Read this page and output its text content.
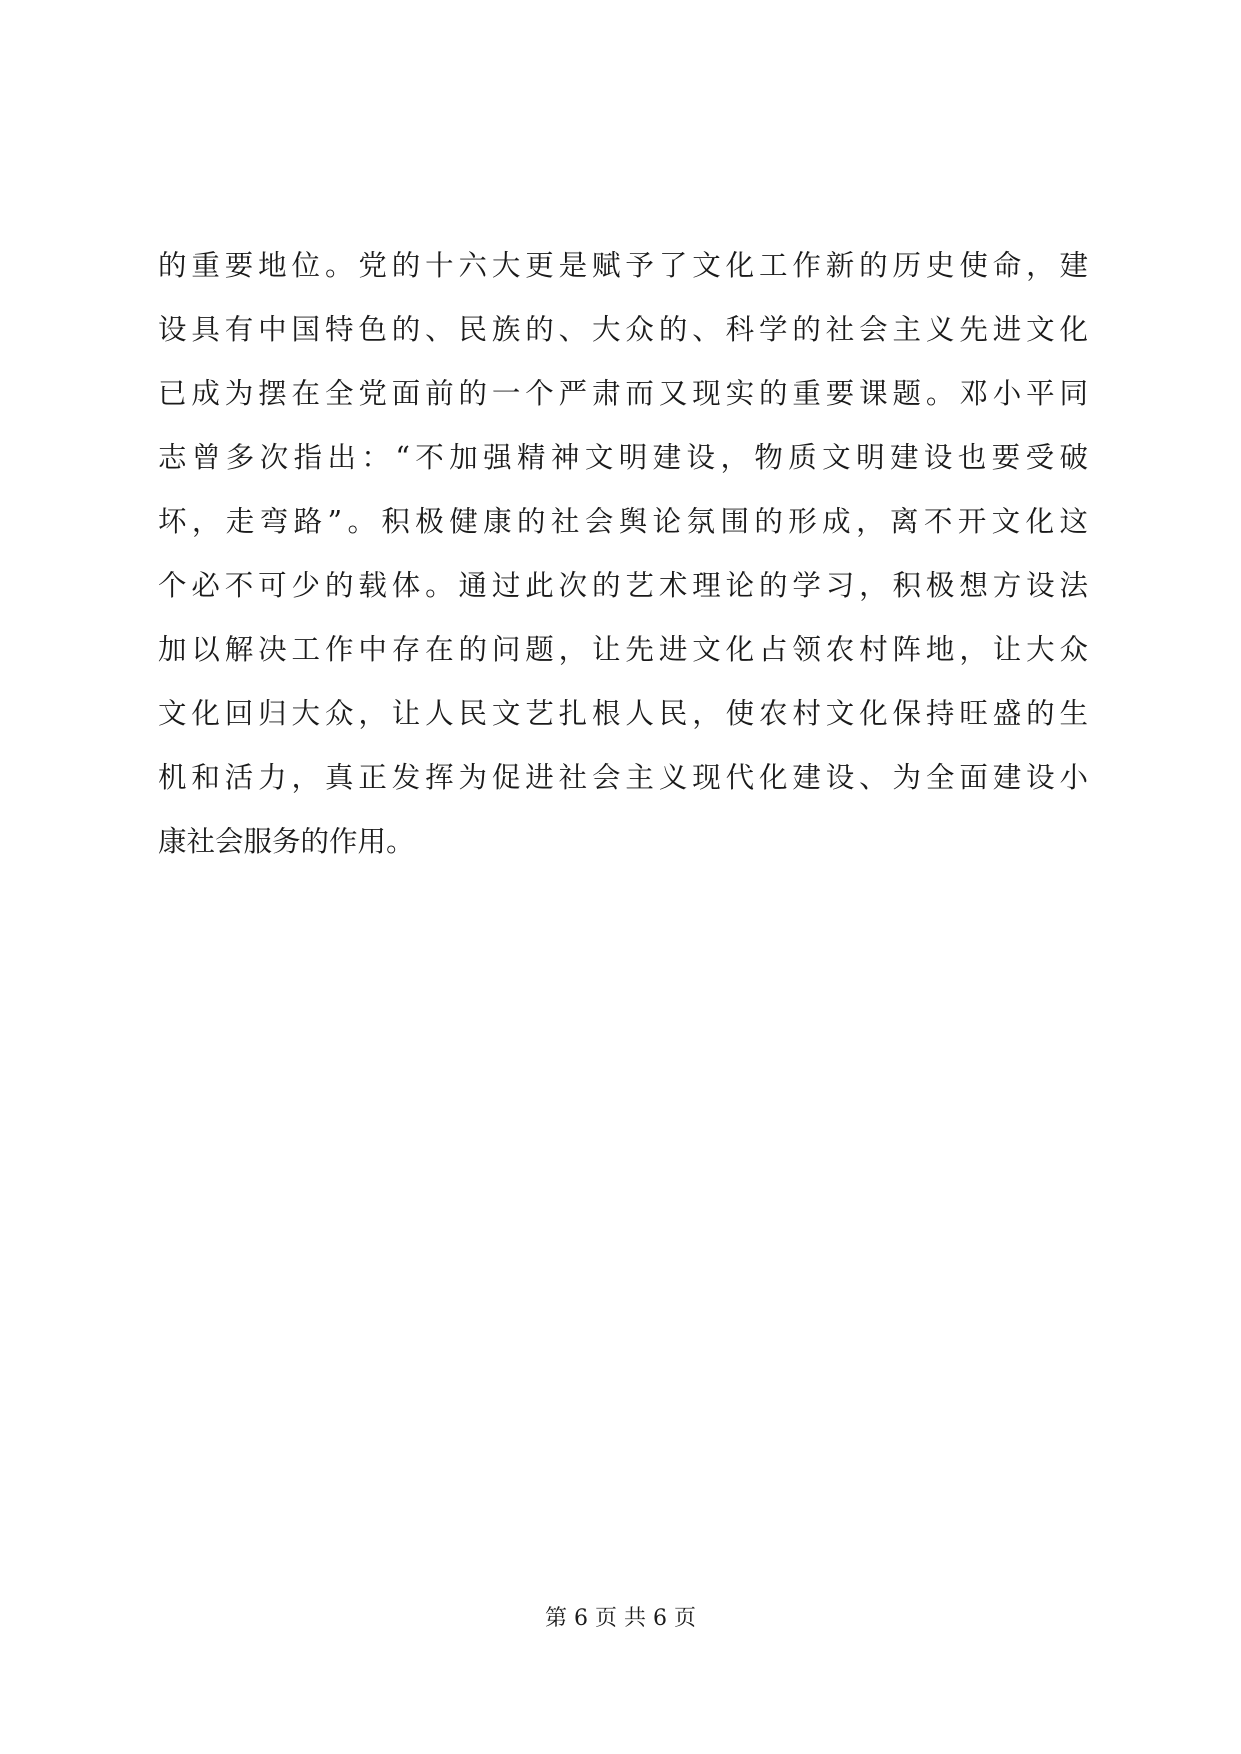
的重要地位。党的十六大更是赋予了文化工作新的历史使命，建
设具有中国特色的、民族的、大众的、科学的社会主义先进文化
已成为摆在全党面前的一个严肃而又现实的重要课题。邓小平同
志曾多次指出：“不加强精神文明建设，物质文明建设也要受破
坏，走弯路”。积极健康的社会舆论氛围的形成，离不开文化这
个必不可少的载体。通过此次的艺术理论的学习，积极想方设法
加以解决工作中存在的问题，让先进文化占领农村阵地，让大众
文化回归大众，让人民文艺扎根人民，使农村文化保持旺盛的生
机和活力，真正发挥为促进社会主义现代化建设、为全面建设小
康社会服务的作用。
第 6 页 共 6 页
